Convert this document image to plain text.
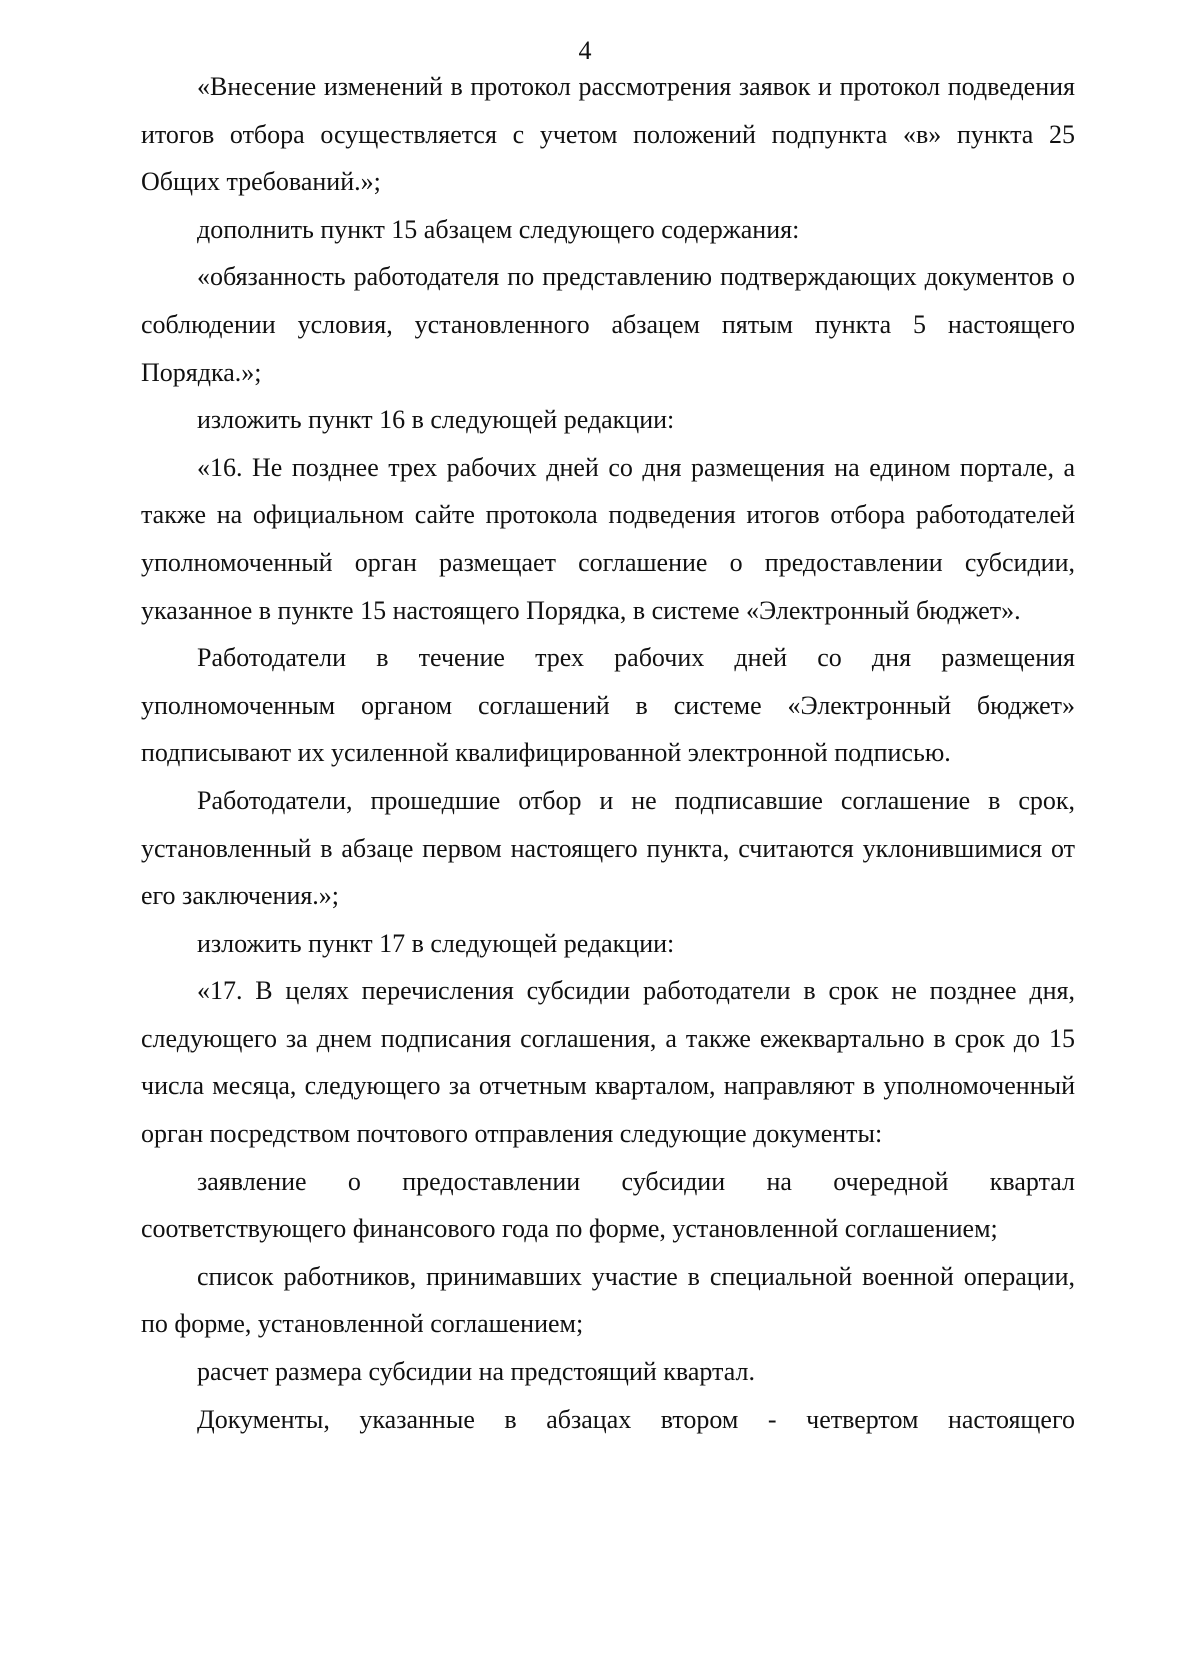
4

«Внесение изменений в протокол рассмотрения заявок и протокол подведения итогов отбора осуществляется с учетом положений подпункта «в» пункта 25 Общих требований.»;

дополнить пункт 15 абзацем следующего содержания:

«обязанность работодателя по представлению подтверждающих документов о соблюдении условия, установленного абзацем пятым пункта 5 настоящего Порядка.»;

изложить пункт 16 в следующей редакции:

«16. Не позднее трех рабочих дней со дня размещения на едином портале, а также на официальном сайте протокола подведения итогов отбора работодателей уполномоченный орган размещает соглашение о предоставлении субсидии, указанное в пункте 15 настоящего Порядка, в системе «Электронный бюджет».

Работодатели в течение трех рабочих дней со дня размещения уполномоченным органом соглашений в системе «Электронный бюджет» подписывают их усиленной квалифицированной электронной подписью.

Работодатели, прошедшие отбор и не подписавшие соглашение в срок, установленный в абзаце первом настоящего пункта, считаются уклонившимися от его заключения.»;

изложить пункт 17 в следующей редакции:

«17. В целях перечисления субсидии работодатели в срок не позднее дня, следующего за днем подписания соглашения, а также ежеквартально в срок до 15 числа месяца, следующего за отчетным кварталом, направляют в уполномоченный орган посредством почтового отправления следующие документы:

заявление о предоставлении субсидии на очередной квартал соответствующего финансового года по форме, установленной соглашением;

список работников, принимавших участие в специальной военной операции, по форме, установленной соглашением;

расчет размера субсидии на предстоящий квартал.

Документы, указанные в абзацах втором - четвертом настоящего
